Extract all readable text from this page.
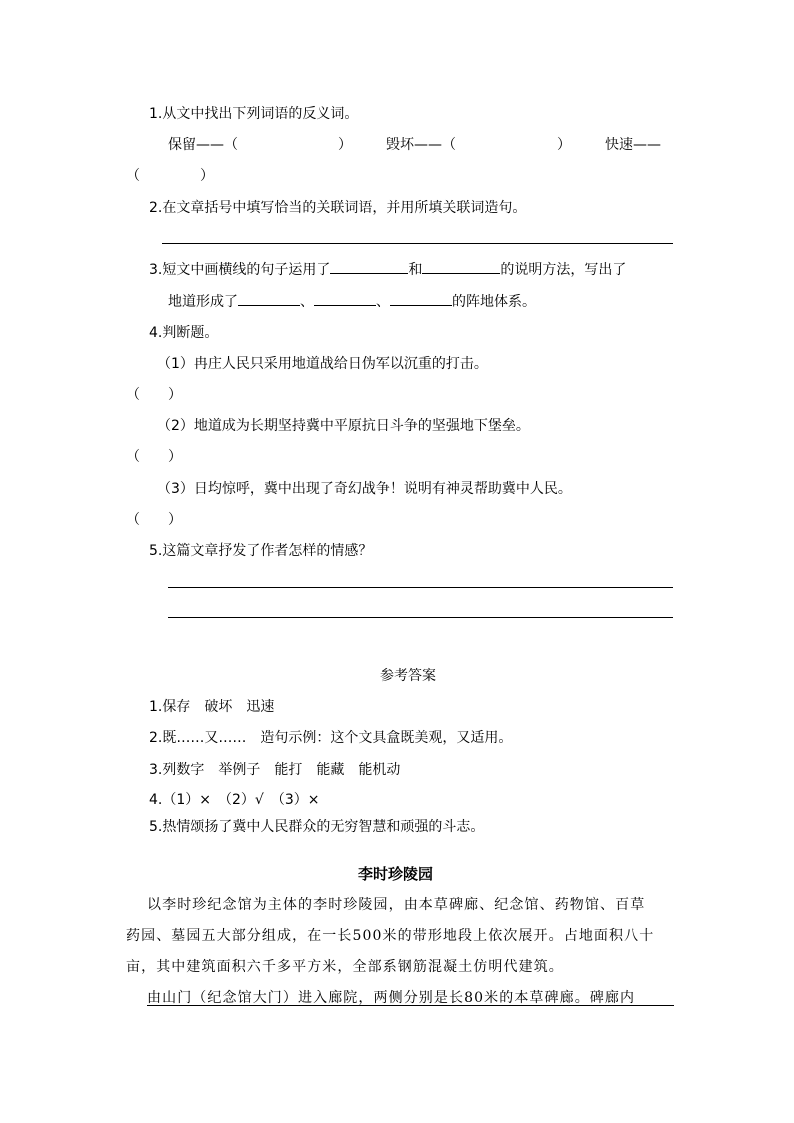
1.从文中找出下列词语的反义词。
保留——（	） 毁坏——（	） 快速——
（	）
2.在文章括号中填写恰当的关联词语，并用所填关联词造句。
3.短文中画横线的句子运用了	和	的说明方法，写出了
地道形成了	、	、	的阵地体系。
4.判断题。
（1）冉庄人民只采用地道战给日伪军以沉重的打击。
（　　）
（2）地道成为长期坚持冀中平原抗日斗争的坚强地下堡垒。
（　　）
（3）日均惊呼，冀中出现了奇幻战争！说明有神灵帮助冀中人民。
（　　）
5.这篇文章抒发了作者怎样的情感？
参考答案
1.保存　破坏　迅速
2.既……又……　造句示例：这个文具盒既美观，又适用。
3.列数字　举例子　能打　能藏　能机动
4.（1）×　（2）√　（3）×
5.热情颂扬了冀中人民群众的无穷智慧和顽强的斗志。
李时珍陵园
以李时珍纪念馆为主体的李时珍陵园，由本草碑廊、纪念馆、药物馆、百草
药园、墓园五大部分组成，在一长500米的带形地段上依次展开。占地面积八十
亩，其中建筑面积六千多平方米，全部系钢筋混凝土仿明代建筑。
由山门（纪念馆大门）进入廊院，两侧分别是长80米的本草碑廊。碑廊内
